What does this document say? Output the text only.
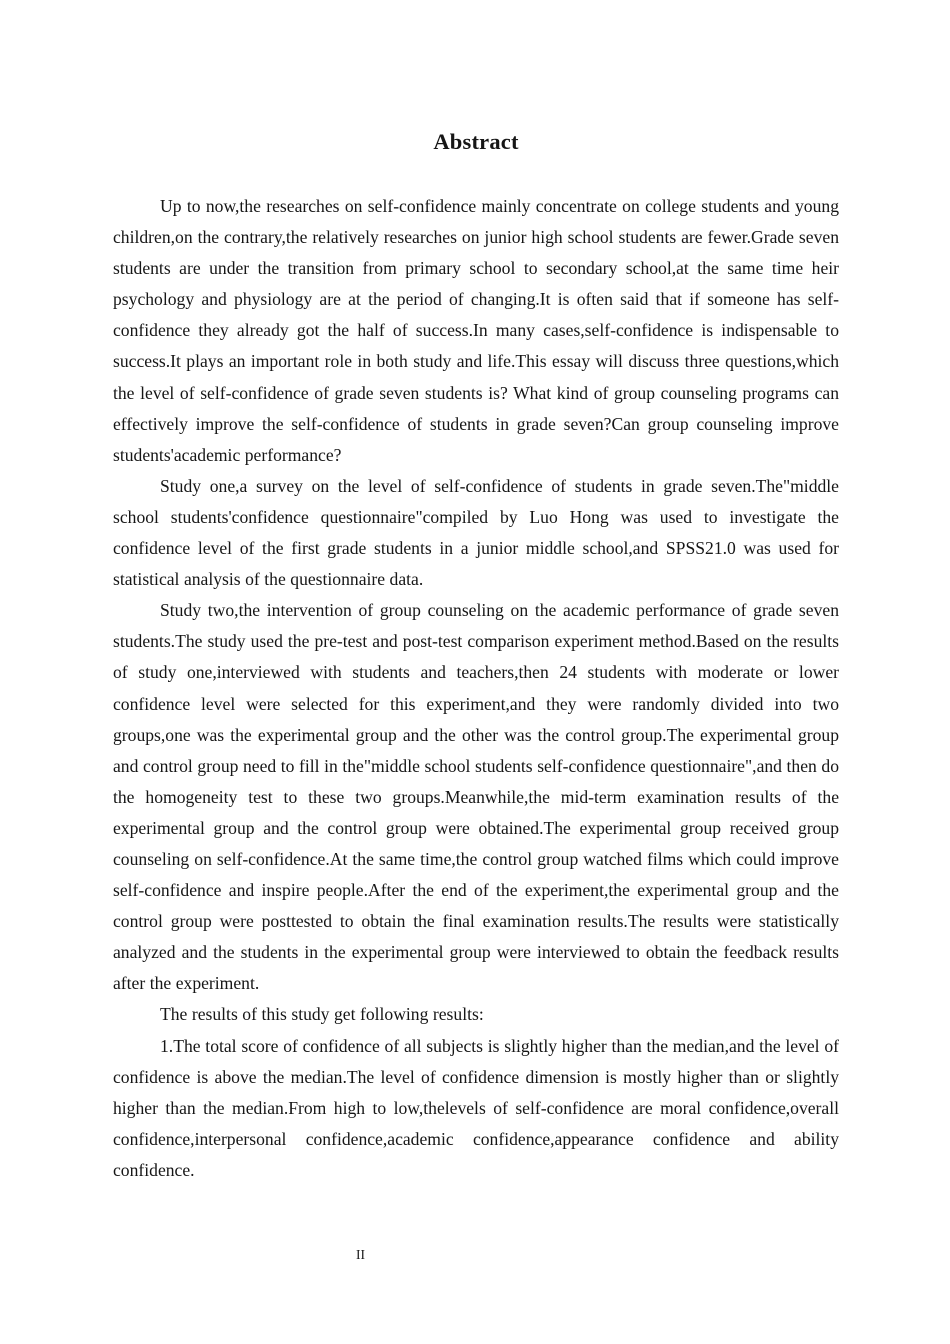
Abstract

Up to now,the researches on self-confidence mainly concentrate on college students and young children,on the contrary,the relatively researches on junior high school students are fewer.Grade seven students are under the transition from primary school to secondary school,at the same time heir psychology and physiology are at the period of changing.It is often said that if someone has self-confidence they already got the half of success.In many cases,self-confidence is indispensable to success.It plays an important role in both study and life.This essay will discuss three questions,which the level of self-confidence of grade seven students is? What kind of group counseling programs can effectively improve the self-confidence of students in grade seven?Can group counseling improve students'academic performance?

Study one,a survey on the level of self-confidence of students in grade seven.The"middle school students'confidence questionnaire"compiled by Luo Hong was used to investigate the confidence level of the first grade students in a junior middle school,and SPSS21.0 was used for statistical analysis of the questionnaire data.

Study two,the intervention of group counseling on the academic performance of grade seven students.The study used the pre-test and post-test comparison experiment method.Based on the results of study one,interviewed with students and teachers,then 24 students with moderate or lower confidence level were selected for this experiment,and they were randomly divided into two groups,one was the experimental group and the other was the control group.The experimental group and control group need to fill in the"middle school students self-confidence questionnaire",and then do the homogeneity test to these two groups.Meanwhile,the mid-term examination results of the experimental group and the control group were obtained.The experimental group received group counseling on self-confidence.At the same time,the control group watched films which could improve self-confidence and inspire people.After the end of the experiment,the experimental group and the control group were posttested to obtain the final examination results.The results were statistically analyzed and the students in the experimental group were interviewed to obtain the feedback results after the experiment.

The results of this study get following results:

1.The total score of confidence of all subjects is slightly higher than the median,and the level of confidence is above the median.The level of confidence dimension is mostly higher than or slightly higher than the median.From high to low,thelevels of self-confidence are moral confidence,overall confidence,interpersonal confidence,academic confidence,appearance confidence and ability confidence.

II
